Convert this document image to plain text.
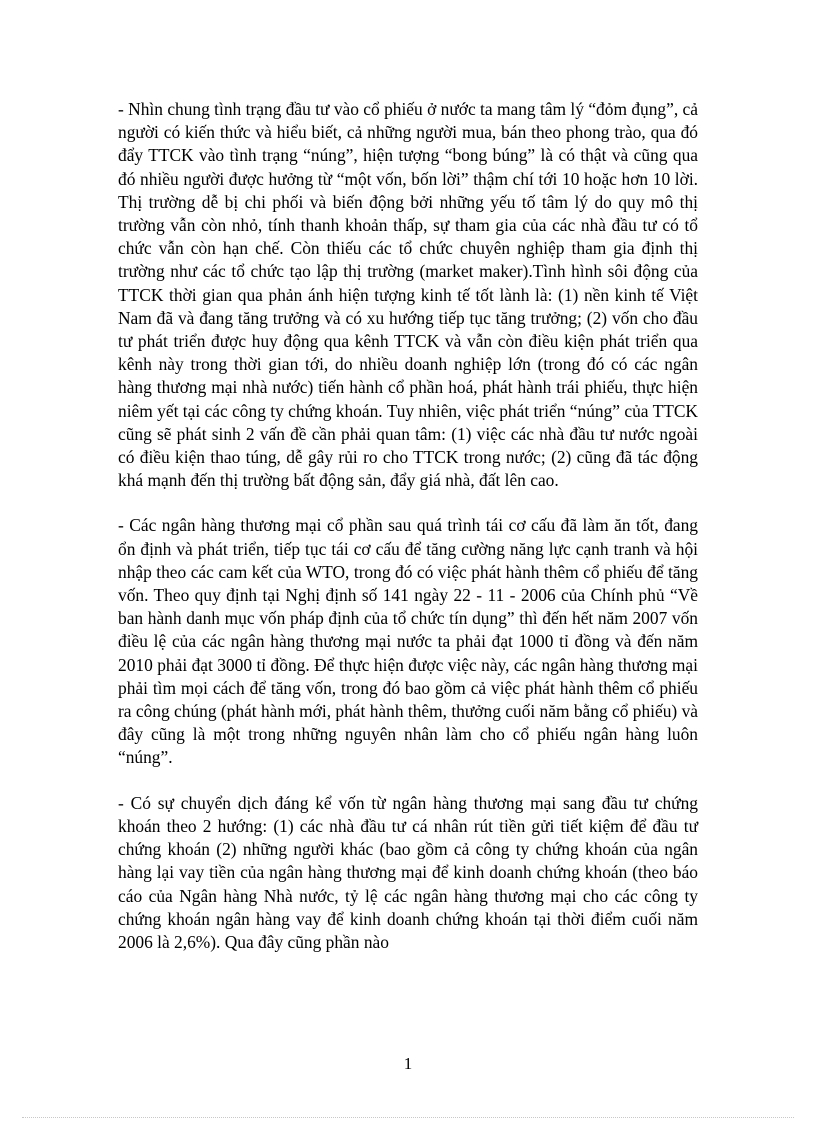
- Nhìn chung tình trạng đầu tư vào cổ phiếu ở nước ta mang tâm lý “đỏm đụng”, cả người có kiến thức và hiểu biết, cả những người mua, bán theo phong trào, qua đó đẩy TTCK vào tình trạng “núng”, hiện tượng “bong búng” là có thật và cũng qua đó nhiều người được hưởng từ “một vốn, bốn lời” thậm chí tới 10 hoặc hơn 10 lời. Thị trường dễ bị chi phối và biến động bởi những yếu tố tâm lý do quy mô thị trường vẫn còn nhỏ, tính thanh khoản thấp, sự tham gia của các nhà đầu tư có tổ chức vẫn còn hạn chế. Còn thiếu các tổ chức chuyên nghiệp tham gia định thị trường như các tổ chức tạo lập thị trường (market maker).Tình hình sôi động của TTCK thời gian qua phản ánh hiện tượng kinh tế tốt lành là: (1) nền kinh tế Việt Nam đã và đang tăng trưởng và có xu hướng tiếp tục tăng trưởng; (2) vốn cho đầu tư phát triển được huy động qua kênh TTCK và vẫn còn điều kiện phát triển qua kênh này trong thời gian tới, do nhiều doanh nghiệp lớn (trong đó có các ngân hàng thương mại nhà nước) tiến hành cổ phần hoá, phát hành trái phiếu, thực hiện niêm yết tại các công ty chứng khoán. Tuy nhiên, việc phát triển “núng” của TTCK cũng sẽ phát sinh 2 vấn đề cần phải quan tâm: (1) việc các nhà đầu tư nước ngoài có điều kiện thao túng, dễ gây rủi ro cho TTCK trong nước; (2) cũng đã tác động khá mạnh đến thị trường bất động sản, đẩy giá nhà, đất lên cao.

- Các ngân hàng thương mại cổ phần sau quá trình tái cơ cấu đã làm ăn tốt, đang ổn định và phát triển, tiếp tục tái cơ cấu để tăng cường năng lực cạnh tranh và hội nhập theo các cam kết của WTO, trong đó có việc phát hành thêm cổ phiếu để tăng vốn. Theo quy định tại Nghị định số 141 ngày 22 - 11 - 2006 của Chính phủ “Về ban hành danh mục vốn pháp định của tổ chức tín dụng” thì đến hết năm 2007 vốn điều lệ của các ngân hàng thương mại nước ta phải đạt 1000 tỉ đồng và đến năm 2010 phải đạt 3000 tỉ đồng. Để thực hiện được việc này, các ngân hàng thương mại phải tìm mọi cách để tăng vốn, trong đó bao gồm cả việc phát hành thêm cổ phiếu ra công chúng (phát hành mới, phát hành thêm, thưởng cuối năm bằng cổ phiếu) và đây cũng là một trong những nguyên nhân làm cho cổ phiếu ngân hàng luôn “núng”.

- Có sự chuyển dịch đáng kể vốn từ ngân hàng thương mại sang đầu tư chứng khoán theo 2 hướng: (1) các nhà đầu tư cá nhân rút tiền gửi tiết kiệm để đầu tư chứng khoán (2) những người khác (bao gồm cả công ty chứng khoán của ngân hàng lại vay tiền của ngân hàng thương mại để kinh doanh chứng khoán (theo báo cáo của Ngân hàng Nhà nước, tỷ lệ các ngân hàng thương mại cho các công ty chứng khoán ngân hàng vay để kinh doanh chứng khoán tại thời điểm cuối năm 2006 là 2,6%). Qua đây cũng phần nào

1
